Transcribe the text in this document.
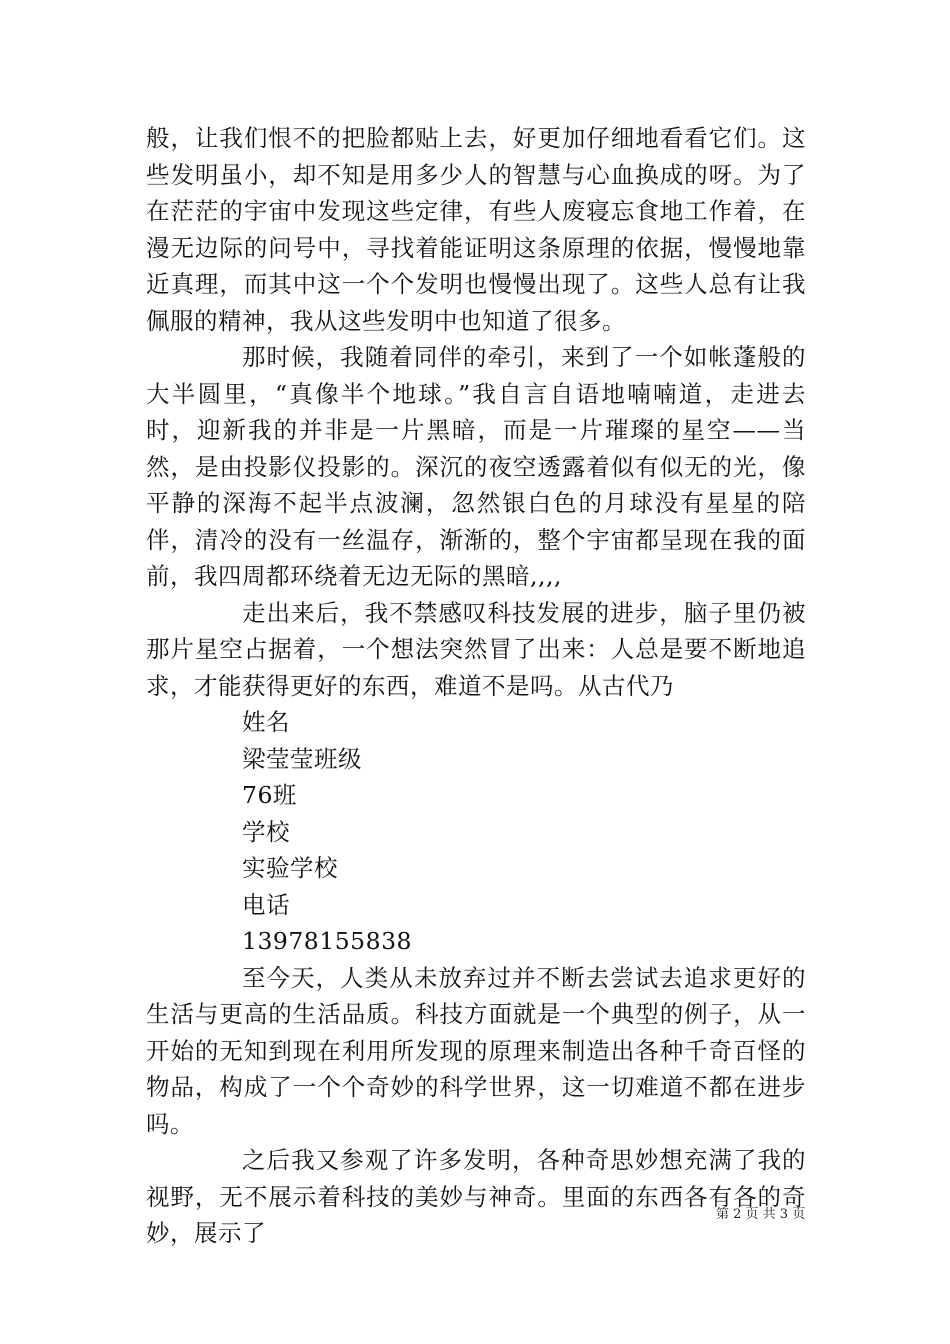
般，让我们恨不的把脸都贴上去，好更加仔细地看看它们。这些发明虽小，却不知是用多少人的智慧与心血换成的呀。为了在茫茫的宇宙中发现这些定律，有些人废寝忘食地工作着，在漫无边际的问号中，寻找着能证明这条原理的依据，慢慢地靠近真理，而其中这一个个发明也慢慢出现了。这些人总有让我佩服的精神，我从这些发明中也知道了很多。

那时候，我随着同伴的牵引，来到了一个如帐蓬般的大半圆里，“真像半个地球。”我自言自语地喃喃道，走进去时，迎新我的并非是一片黑暗，而是一片璀璨的星空——当然，是由投影仪投影的。深沉的夜空透露着似有似无的光，像平静的深海不起半点波澜，忽然银白色的月球没有星星的陪伴，清冷的没有一丝温存，渐渐的，整个宇宙都呈现在我的面前，我四周都环绕着无边无际的黑暗,,,,

走出来后，我不禁感叹科技发展的进步，脑子里仍被那片星空占据着，一个想法突然冒了出来：人总是要不断地追求，才能获得更好的东西，难道不是吗。从古代乃

姓名
梁莹莹班级
76班
学校
实验学校
电话
13978155838

至今天，人类从未放弃过并不断去尝试去追求更好的生活与更高的生活品质。科技方面就是一个典型的例子，从一开始的无知到现在利用所发现的原理来制造出各种千奇百怪的物品，构成了一个个奇妙的科学世界，这一切难道不都在进步吗。

之后我又参观了许多发明，各种奇思妙想充满了我的视野，无不展示着科技的美妙与神奇。里面的东西各有各的奇妙，展示了

第 2 页 共 3 页
